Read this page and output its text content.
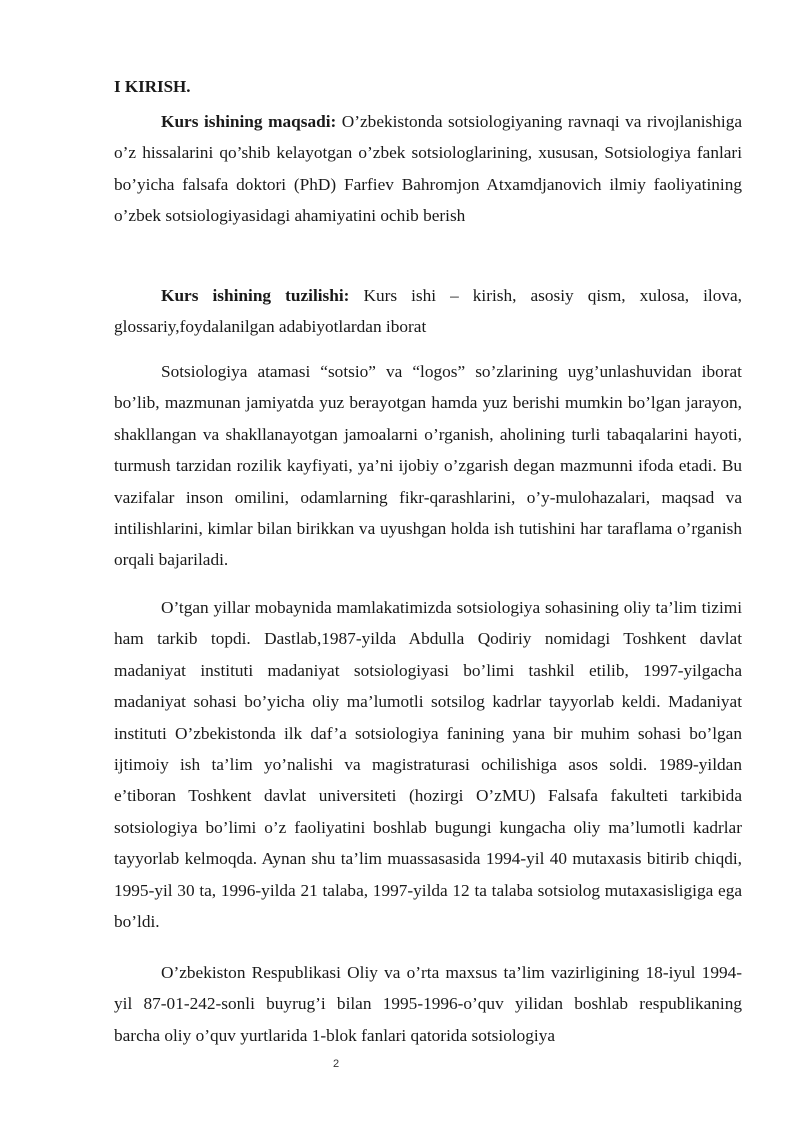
I KIRISH.

Kurs ishining maqsadi: O’zbekistonda sotsiologiyaning ravnaqi va rivojlanishiga o’z hissalarini qo’shib kelayotgan o’zbek sotsiologlarining, xususan, Sotsiologiya fanlari bo’yicha falsafa doktori (PhD) Farfiev Bahromjon Atxamdjanovich ilmiy faoliyatining o’zbek sotsiologiyasidagi ahamiyatini ochib berish

Kurs ishining tuzilishi: Kurs ishi – kirish, asosiy qism, xulosa, ilova, glossariy,foydalanilgan adabiyotlardan iborat

Sotsiologiya atamasi “sotsio” va “logos” so’zlarining uyg’unlashuvidan iborat bo’lib, mazmunan jamiyatda yuz berayotgan hamda yuz berishi mumkin bo’lgan jarayon, shakllangan va shakllanayotgan jamoalarni o’rganish, aholining turli tabaqalarini hayoti, turmush tarzidan rozilik kayfiyati, ya’ni ijobiy o’zgarish degan mazmunni ifoda etadi. Bu vazifalar inson omilini, odamlarning fikr-qarashlarini, o’y-mulohazalari, maqsad va intilishlarini, kimlar bilan birikkan va uyushgan holda ish tutishini har taraflama o’rganish orqali bajariladi.

O’tgan yillar mobaynida mamlakatimizda sotsiologiya sohasining oliy ta’lim tizimi ham tarkib topdi. Dastlab,1987-yilda Abdulla Qodiriy nomidagi Toshkent davlat madaniyat instituti madaniyat sotsiologiyasi bo’limi tashkil etilib, 1997-yilgacha madaniyat sohasi bo’yicha oliy ma’lumotli sotsilog kadrlar tayyorlab keldi. Madaniyat instituti O’zbekistonda ilk daf’a sotsiologiya fanining yana bir muhim sohasi bo’lgan ijtimoiy ish ta’lim yo’nalishi va magistraturasi ochilishiga asos soldi. 1989-yildan e’tiboran Toshkent davlat universiteti (hozirgi O’zMU) Falsafa fakulteti tarkibida sotsiologiya bo’limi o’z faoliyatini boshlab bugungi kungacha oliy ma’lumotli kadrlar tayyorlab kelmoqda. Aynan shu ta’lim muassasasida 1994-yil 40 mutaxasis bitirib chiqdi, 1995-yil 30 ta, 1996-yilda 21 talaba, 1997-yilda 12 ta talaba sotsiolog mutaxasisligiga ega bo’ldi.

O’zbekiston Respublikasi Oliy va o’rta maxsus ta’lim vazirligining 18-iyul 1994-yil 87-01-242-sonli buyrug’i bilan 1995-1996-o’quv yilidan boshlab respublikaning barcha oliy o’quv yurtlarida 1-blok fanlari qatorida sotsiologiya

2
